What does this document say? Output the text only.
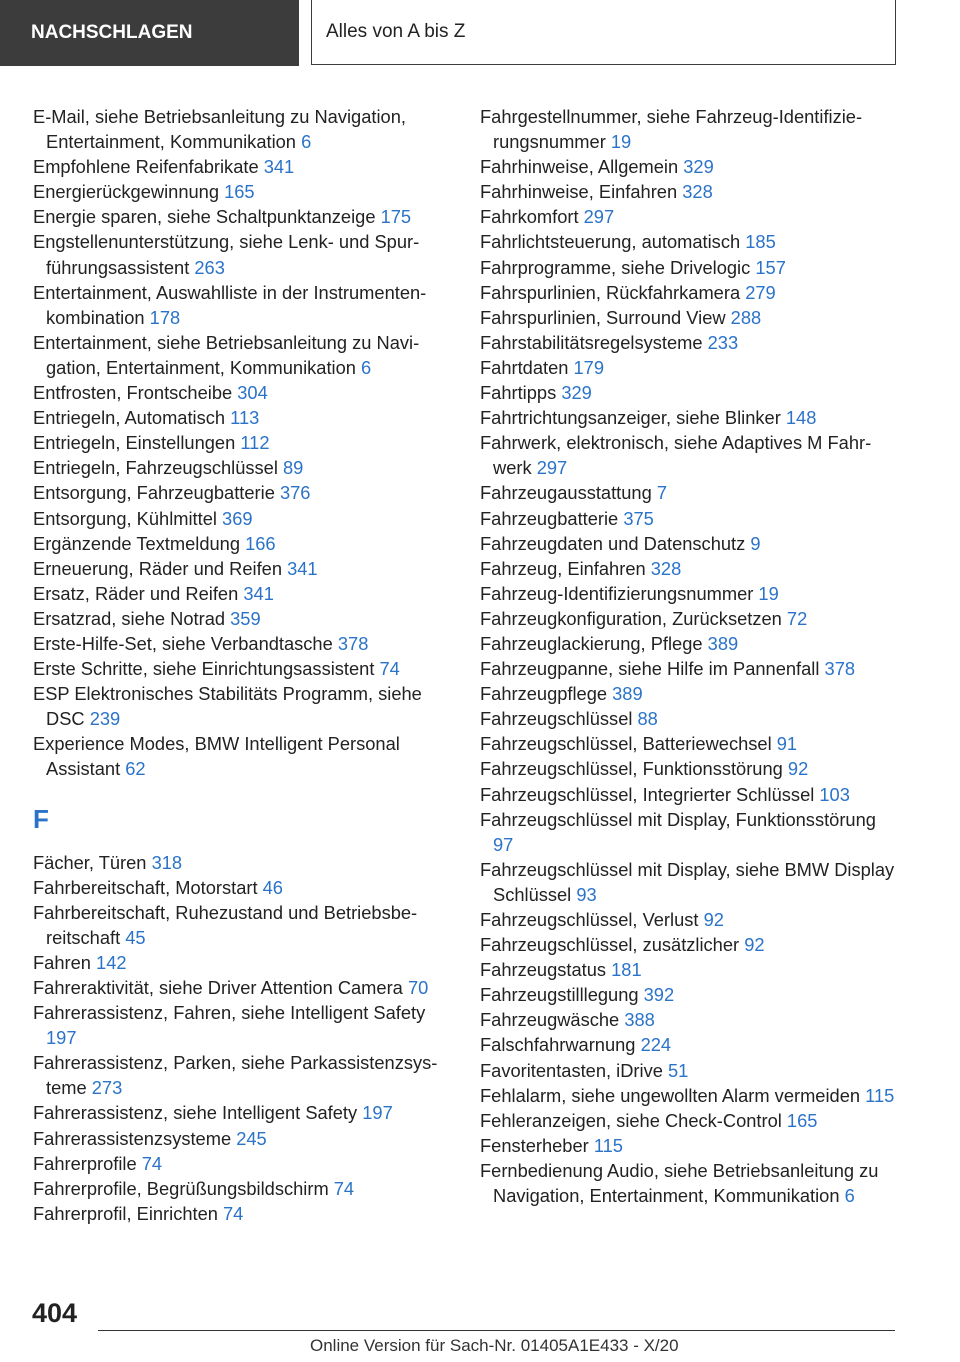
NACHSCHLAGEN	Alles von A bis Z

E-Mail, siehe Betriebsanleitung zu Navigation, Entertainment, Kommunikation 6

Empfohlene Reifenfabrikate 341

Energierückgewinnung 165

Energie sparen, siehe Schaltpunktanzeige 175

Engstellenunterstützung, siehe Lenk- und Spurführungsassistent 263

Entertainment, Auswahlliste in der Instrumentenkombination 178

Entertainment, siehe Betriebsanleitung zu Navigation, Entertainment, Kommunikation 6

Entfrosten, Frontscheibe 304

Entriegeln, Automatisch 113

Entriegeln, Einstellungen 112

Entriegeln, Fahrzeugschlüssel 89

Entsorgung, Fahrzeugbatterie 376

Entsorgung, Kühlmittel 369

Ergänzende Textmeldung 166

Erneuerung, Räder und Reifen 341

Ersatz, Räder und Reifen 341

Ersatzrad, siehe Notrad 359

Erste-Hilfe-Set, siehe Verbandtasche 378

Erste Schritte, siehe Einrichtungsassistent 74

ESP Elektronisches Stabilitäts Programm, siehe DSC 239

Experience Modes, BMW Intelligent Personal Assistant 62

F

Fächer, Türen 318

Fahrbereitschaft, Motorstart 46

Fahrbereitschaft, Ruhezustand und Betriebsbereitschaft 45

Fahren 142

Fahreraktivität, siehe Driver Attention Camera 70

Fahrerassistenz, Fahren, siehe Intelligent Safety 197

Fahrerassistenz, Parken, siehe Parkassistenzsysteme 273

Fahrerassistenz, siehe Intelligent Safety 197

Fahrerassistenzsysteme 245

Fahrerprofile 74

Fahrerprofile, Begrüßungsbildschirm 74

Fahrerprofil, Einrichten 74

Fahrgestellnummer, siehe Fahrzeug-Identifizierungsnummer 19

Fahrhinweise, Allgemein 329

Fahrhinweise, Einfahren 328

Fahrkomfort 297

Fahrlichtsteuerung, automatisch 185

Fahrprogramme, siehe Drivelogic 157

Fahrspurlinien, Rückfahrkamera 279

Fahrspurlinien, Surround View 288

Fahrstabilitätsregelsysteme 233

Fahrtdaten 179

Fahrtipps 329

Fahrtrichtungsanzeiger, siehe Blinker 148

Fahrwerk, elektronisch, siehe Adaptives M Fahrwerk 297

Fahrzeugausstattung 7

Fahrzeugbatterie 375

Fahrzeugdaten und Datenschutz 9

Fahrzeug, Einfahren 328

Fahrzeug-Identifizierungsnummer 19

Fahrzeugkonfiguration, Zurücksetzen 72

Fahrzeuglackierung, Pflege 389

Fahrzeugpanne, siehe Hilfe im Pannenfall 378

Fahrzeugpflege 389

Fahrzeugschlüssel 88

Fahrzeugschlüssel, Batteriewechsel 91

Fahrzeugschlüssel, Funktionsstörung 92

Fahrzeugschlüssel, Integrierter Schlüssel 103

Fahrzeugschlüssel mit Display, Funktionsstörung 97

Fahrzeugschlüssel mit Display, siehe BMW Display Schlüssel 93

Fahrzeugschlüssel, Verlust 92

Fahrzeugschlüssel, zusätzlicher 92

Fahrzeugstatus 181

Fahrzeugstilllegung 392

Fahrzeugwäsche 388

Falschfahrwarnung 224

Favoritentasten, iDrive 51

Fehlalarm, siehe ungewollten Alarm vermeiden 115

Fehleranzeigen, siehe Check-Control 165

Fensterheber 115

Fernbedienung Audio, siehe Betriebsanleitung zu Navigation, Entertainment, Kommunikation 6

404
Online Version für Sach-Nr. 01405A1E433 - X/20
